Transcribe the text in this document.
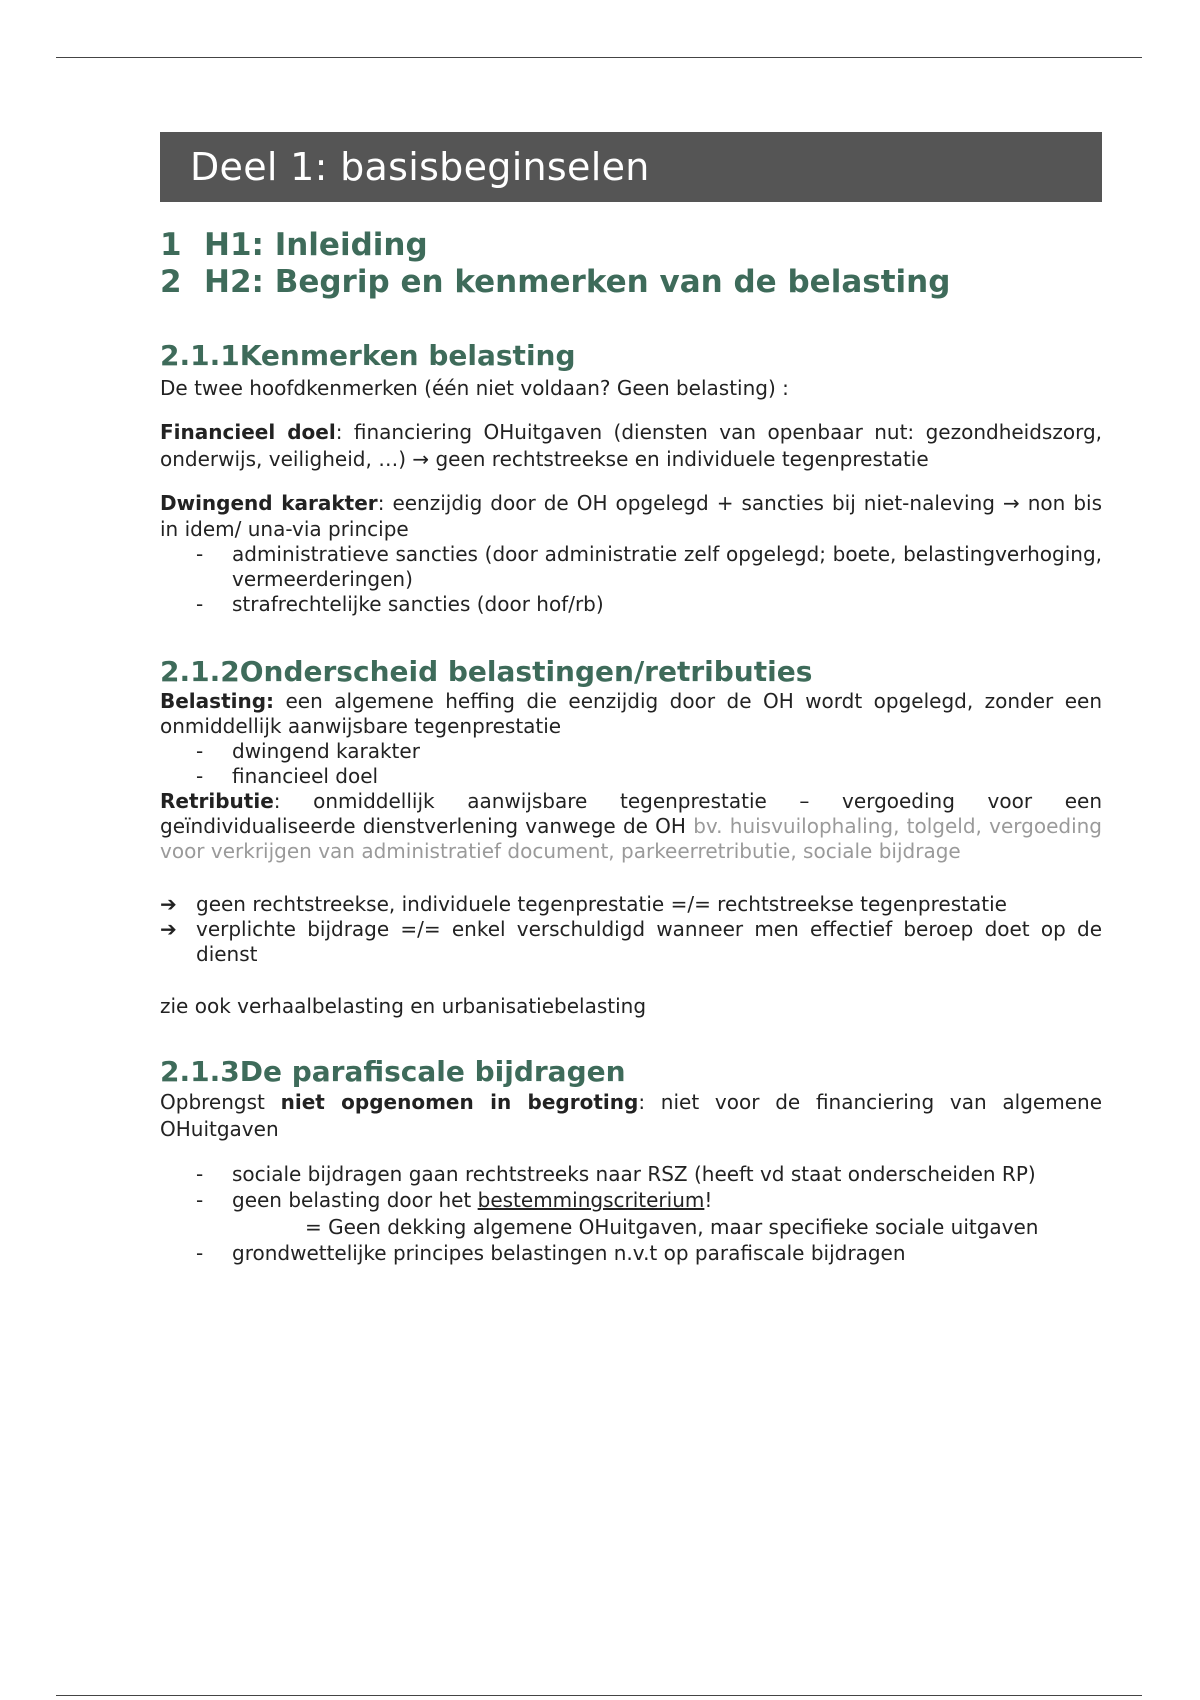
Deel 1: basisbeginselen
1 H1: Inleiding
2 H2: Begrip en kenmerken van de belasting
2.1.1Kenmerken belasting

De twee hoofdkenmerken (één niet voldaan? Geen belasting) :

Financieel doel: financiering OHuitgaven (diensten van openbaar nut: gezondheidszorg, onderwijs, veiligheid, …) → geen rechtstreekse en individuele tegenprestatie

Dwingend karakter: eenzijdig door de OH opgelegd + sancties bij niet-naleving → non bis in idem/ una-via principe

- administratieve sancties (door administratie zelf opgelegd; boete, belastingverhoging, vermeerderingen)
- strafrechtelijke sancties (door hof/rb)
2.1.2Onderscheid belastingen/retributies

Belasting: een algemene heffing die eenzijdig door de OH wordt opgelegd, zonder een onmiddellijk aanwijsbare tegenprestatie

- dwingend karakter
- financieel doel

Retributie: onmiddellijk aanwijsbare tegenprestatie – vergoeding voor een geïndividualiseerde dienstverlening vanwege de OH bv. huisvuilophaling, tolgeld, vergoeding voor verkrijgen van administratief document, parkeerretributie, sociale bijdrage

➔ geen rechtstreekse, individuele tegenprestatie =/= rechtstreekse tegenprestatie
➔ verplichte bijdrage =/= enkel verschuldigd wanneer men effectief beroep doet op de dienst

zie ook verhaalbelasting en urbanisatiebelasting

2.1.3De parafiscale bijdragen

Opbrengst niet opgenomen in begroting: niet voor de financiering van algemene OHuitgaven

- sociale bijdragen gaan rechtstreeks naar RSZ (heeft vd staat onderscheiden RP)
- geen belasting door het bestemmingscriterium!
= Geen dekking algemene OHuitgaven, maar specifieke sociale uitgaven
- grondwettelijke principes belastingen n.v.t op parafiscale bijdragen
